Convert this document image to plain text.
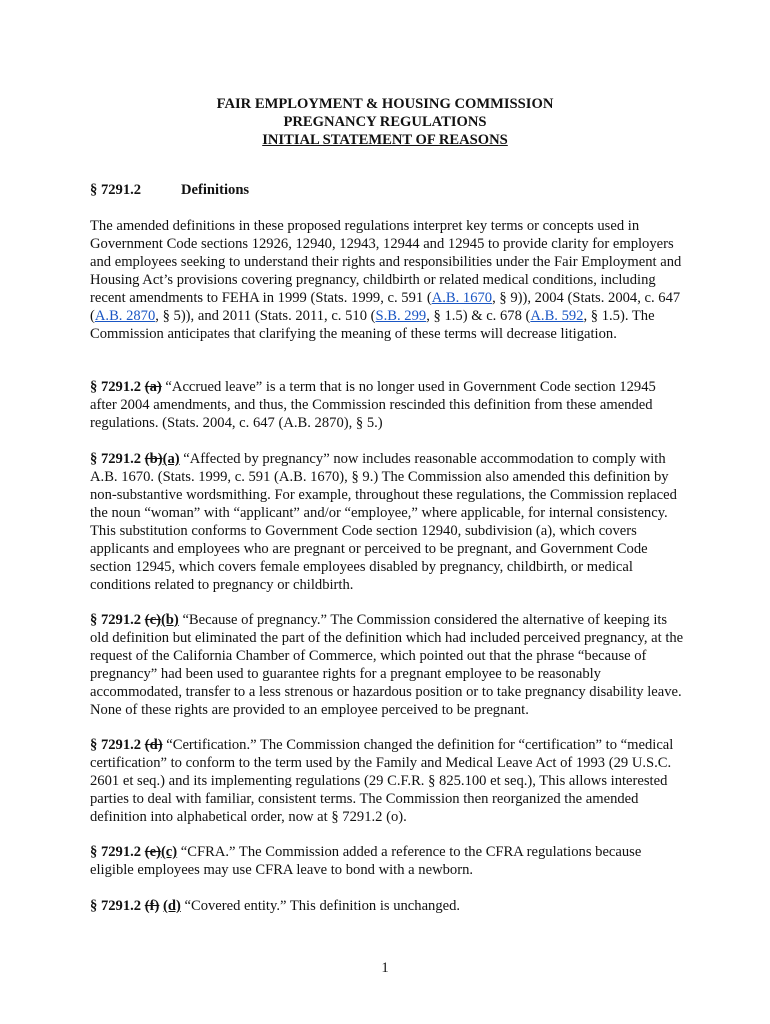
FAIR EMPLOYMENT & HOUSING COMMISSION
PREGNANCY REGULATIONS
INITIAL STATEMENT OF REASONS
§ 7291.2	Definitions

The amended definitions in these proposed regulations interpret key terms or concepts used in Government Code sections 12926, 12940, 12943, 12944 and 12945 to provide clarity for employers and employees seeking to understand their rights and responsibilities under the Fair Employment and Housing Act’s provisions covering pregnancy, childbirth or related medical conditions, including recent amendments to FEHA in 1999 (Stats. 1999, c. 591 (A.B. 1670, § 9)), 2004 (Stats. 2004, c. 647 (A.B. 2870, § 5)), and 2011 (Stats. 2011, c. 510 (S.B. 299, § 1.5) & c. 678 (A.B. 592, § 1.5). The Commission anticipates that clarifying the meaning of these terms will decrease litigation.

§ 7291.2 (a) “Accrued leave” is a term that is no longer used in Government Code section 12945 after 2004 amendments, and thus, the Commission rescinded this definition from these amended regulations. (Stats. 2004, c. 647 (A.B. 2870), § 5.)

§ 7291.2 (b)(a) “Affected by pregnancy” now includes reasonable accommodation to comply with A.B. 1670. (Stats. 1999, c. 591 (A.B. 1670), § 9.) The Commission also amended this definition by non-substantive wordsmithing. For example, throughout these regulations, the Commission replaced the noun “woman” with “applicant” and/or “employee,” where applicable, for internal consistency. This substitution conforms to Government Code section 12940, subdivision (a), which covers applicants and employees who are pregnant or perceived to be pregnant, and Government Code section 12945, which covers female employees disabled by pregnancy, childbirth, or medical conditions related to pregnancy or childbirth.

§ 7291.2 (c)(b) “Because of pregnancy.” The Commission considered the alternative of keeping its old definition but eliminated the part of the definition which had included perceived pregnancy, at the request of the California Chamber of Commerce, which pointed out that the phrase “because of pregnancy” had been used to guarantee rights for a pregnant employee to be reasonably accommodated, transfer to a less strenous or hazardous position or to take pregnancy disability leave. None of these rights are provided to an employee perceived to be pregnant.

§ 7291.2 (d) “Certification.” The Commission changed the definition for “certification” to “medical certification” to conform to the term used by the Family and Medical Leave Act of 1993 (29 U.S.C. 2601 et seq.) and its implementing regulations (29 C.F.R. § 825.100 et seq.), This allows interested parties to deal with familiar, consistent terms. The Commission then reorganized the amended definition into alphabetical order, now at § 7291.2 (o).

§ 7291.2 (e)(c) “CFRA.” The Commission added a reference to the CFRA regulations because eligible employees may use CFRA leave to bond with a newborn.

§ 7291.2 (f) (d) “Covered entity.” This definition is unchanged.

1
